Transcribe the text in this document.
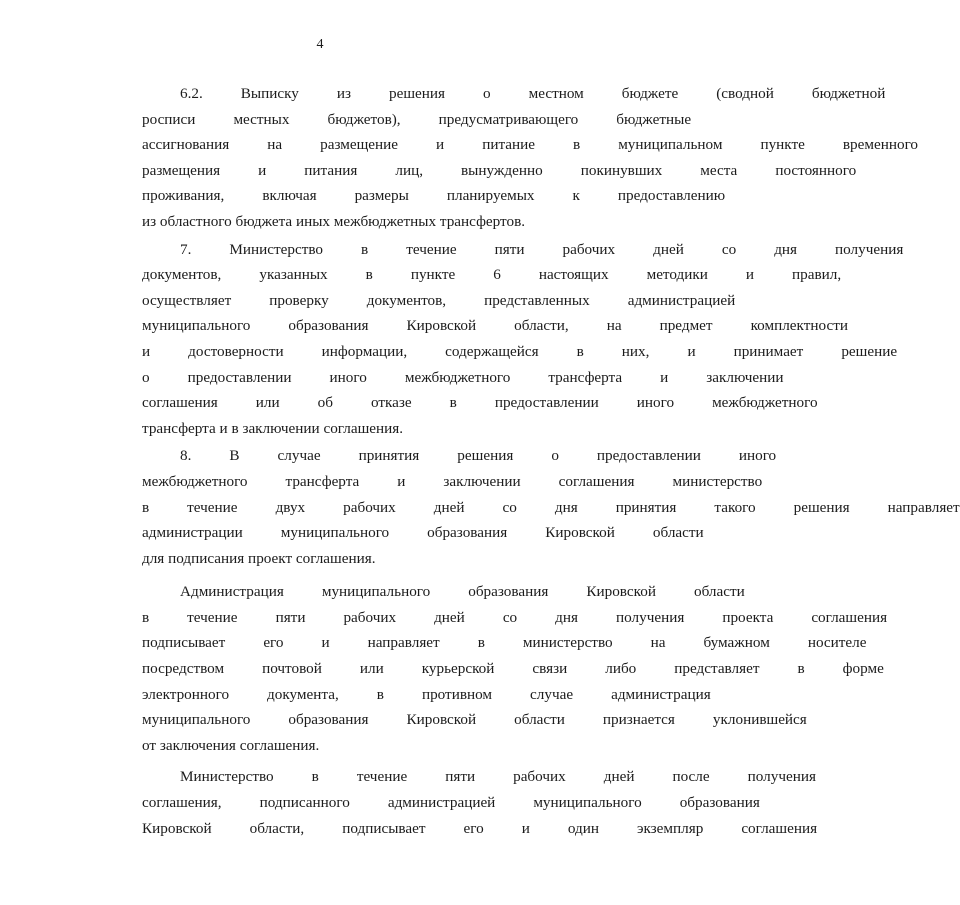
4
6.2.	Выписку	из	решения	о	местном	бюджете	(сводной	бюджетной
росписи	местных	бюджетов),	предусматривающего	бюджетные
ассигнования	на	размещение	и	питание	в	муниципальном	пункте	временного
размещения	и	питания	лиц,	вынужденно	покинувших	места	постоянного
проживания,	включая	размеры	планируемых	к	предоставлению
из областного бюджета иных межбюджетных трансфертов.
7.	Министерство	в	течение	пяти	рабочих	дней	со	дня	получения
документов,	указанных	в	пункте	6	настоящих	методики	и	правил,
осуществляет	проверку	документов,	представленных	администрацией
муниципального	образования	Кировской	области,	на	предмет	комплектности
и	достоверности	информации,	содержащейся	в	них,	и	принимает	решение
о	предоставлении	иного	межбюджетного	трансферта	и	заключении
соглашения	или	об	отказе	в	предоставлении	иного	межбюджетного
трансферта и в заключении соглашения.
8.	В	случае	принятия	решения	о	предоставлении	иного
межбюджетного	трансферта	и	заключении	соглашения	министерство
в	течение	двух	рабочих	дней	со	дня	принятия	такого	решения	направляет
администрации	муниципального	образования	Кировской	области
для подписания проект соглашения.
Администрация	муниципального	образования	Кировской	области
в	течение	пяти	рабочих	дней	со	дня	получения	проекта	соглашения
подписывает	его	и	направляет	в	министерство	на	бумажном	носителе
посредством	почтовой	или	курьерской	связи	либо	представляет	в	форме
электронного	документа,	в	противном	случае	администрация
муниципального	образования	Кировской	области	признается	уклонившейся
от заключения соглашения.
Министерство	в	течение	пяти	рабочих	дней	после	получения
соглашения,	подписанного	администрацией	муниципального	образования
Кировской	области,	подписывает	его	и	один	экземпляр	соглашения
